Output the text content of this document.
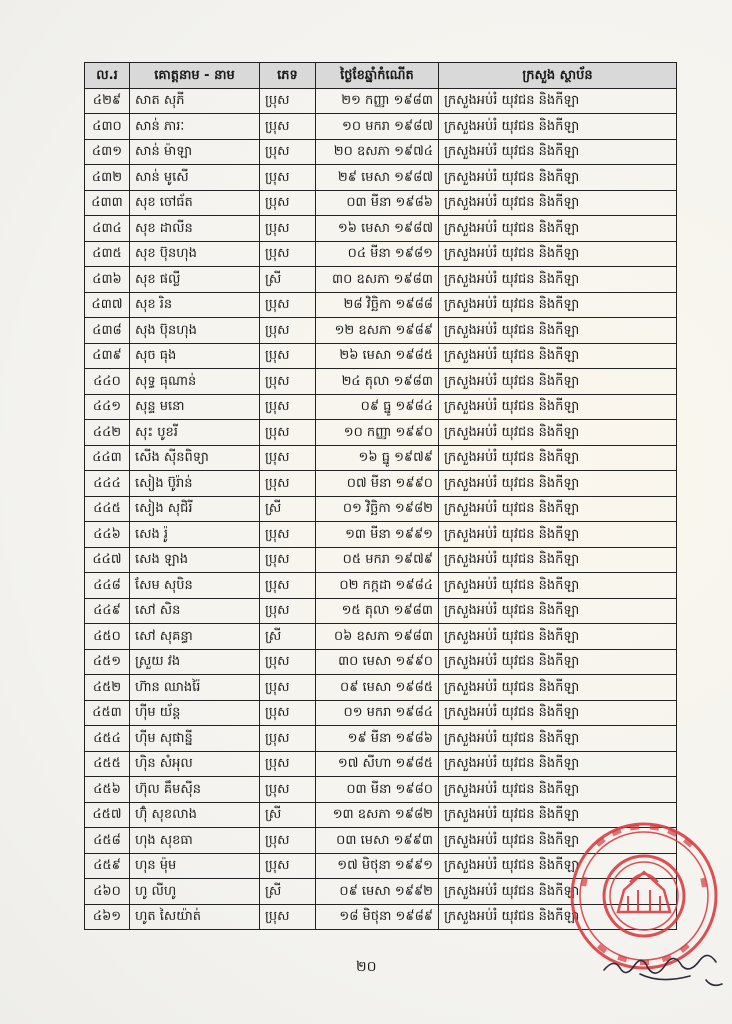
ល.រ	គោត្តនាម - នាម	ភេទ	ថ្ងៃខែឆ្នាំកំណើត	ក្រសួង ស្ថាប័ន
៤២៩	សាត សុភី	ប្រុស	២១ កញ្ញា ១៩៨៣	ក្រសួងអប់រំ យុវជន និងកីឡា
៤៣០	សាន់ ភារៈ	ប្រុស	១០ មករា ១៩៨៧	ក្រសួងអប់រំ យុវជន និងកីឡា
៤៣១	សាន់ ម៉ាឡា	ប្រុស	២០ ឧសភា ១៩៧៤	ក្រសួងអប់រំ យុវជន និងកីឡា
៤៣២	សាន់ មូសើ	ប្រុស	២៩ មេសា ១៩៨៧	ក្រសួងអប់រំ យុវជន និងកីឡា
៤៣៣	សុខ ចៅធ័ត	ប្រុស	០៣ មីនា ១៩៨៦	ក្រសួងអប់រំ យុវជន និងកីឡា
៤៣៤	សុខ ដាលីន	ប្រុស	១៦ មេសា ១៩៨៧	ក្រសួងអប់រំ យុវជន និងកីឡា
៤៣៥	សុខ ប៊ុនហុង	ប្រុស	០៤ មីនា ១៩៨១	ក្រសួងអប់រំ យុវជន និងកីឡា
៤៣៦	សុខ ផល្លី	ស្រី	៣០ ឧសភា ១៩៨៣	ក្រសួងអប់រំ យុវជន និងកីឡា
៤៣៧	សុខ រិន	ប្រុស	២៨ វិច្ឆិកា ១៩៨៨	ក្រសួងអប់រំ យុវជន និងកីឡា
៤៣៨	សុង ប៊ុនហុង	ប្រុស	១២ ឧសភា ១៩៨៩	ក្រសួងអប់រំ យុវជន និងកីឡា
៤៣៩	សុច ធុង	ប្រុស	២៦ មេសា ១៩៨៥	ក្រសួងអប់រំ យុវជន និងកីឡា
៤៤០	សុទ្ធ ធុណាន់	ប្រុស	២៤ តុលា ១៩៨៣	ក្រសួងអប់រំ យុវជន និងកីឡា
៤៤១	សុន្ទ មនោ	ប្រុស	០៩ ធ្នូ ១៩៨៤	ក្រសួងអប់រំ យុវជន និងកីឡា
៤៤២	សុះ បូខរី	ប្រុស	១០ កញ្ញា ១៩៩០	ក្រសួងអប់រំ យុវជន និងកីឡា
៤៤៣	សើង ស៊ីនពិទ្យា	ប្រុស	១៦ ធ្នូ ១៩៧៩	ក្រសួងអប់រំ យុវជន និងកីឡា
៤៤៤	សៀង ប៊ូរ៉ាន់	ប្រុស	០៧ មីនា ១៩៩០	ក្រសួងអប់រំ យុវជន និងកីឡា
៤៤៥	សៀង សុជិរី	ស្រី	០១ វិច្ឆិកា ១៩៨២	ក្រសួងអប់រំ យុវជន និងកីឡា
៤៤៦	សេង រ៉ូ	ប្រុស	១៣ មីនា ១៩៩១	ក្រសួងអប់រំ យុវជន និងកីឡា
៤៤៧	សេង ឡាង	ប្រុស	០៥ មករា ១៩៧៩	ក្រសួងអប់រំ យុវជន និងកីឡា
៤៤៨	សែម សុបិន	ប្រុស	០២ កក្កដា ១៩៨៤	ក្រសួងអប់រំ យុវជន និងកីឡា
៤៤៩	សៅ សិន	ប្រុស	១៥ តុលា ១៩៨៣	ក្រសួងអប់រំ យុវជន និងកីឡា
៤៥០	សៅ សុគន្ធា	ស្រី	០៦ ឧសភា ១៩៨៣	ក្រសួងអប់រំ យុវជន និងកីឡា
៤៥១	ស្រួយ វង	ប្រុស	៣០ មេសា ១៩៩០	ក្រសួងអប់រំ យុវជន និងកីឡា
៤៥២	ហ៊ាន ឈាងរ៉ៃ	ប្រុស	០៩ មេសា ១៩៨៥	ក្រសួងអប់រំ យុវជន និងកីឡា
៤៥៣	ហ៊ីម យ័ន្ត	ប្រុស	០១ មករា ១៩៨៤	ក្រសួងអប់រំ យុវជន និងកីឡា
៤៥៤	ហ៊ីម សុផាន្នី	ប្រុស	១៩ មីនា ១៩៨៦	ក្រសួងអប់រំ យុវជន និងកីឡា
៤៥៥	ហ៊ិន សំអុល	ប្រុស	១៧ សីហា ១៩៨៥	ក្រសួងអប់រំ យុវជន និងកីឡា
៤៥៦	ហ៊ុល គឹមស៊ីន	ប្រុស	០៣ មីនា ១៩៨០	ក្រសួងអប់រំ យុវជន និងកីឡា
៤៥៧	ហ៊ុំ សុខលាង	ស្រី	១៣ ឧសភា ១៩៨២	ក្រសួងអប់រំ យុវជន និងកីឡា
៤៥៨	ហុង សុខធា	ប្រុស	០៣ មេសា ១៩៩៣	ក្រសួងអប់រំ យុវជន និងកីឡា
៤៥៩	ហុន ម៉ុម	ប្រុស	១៧ មិថុនា ១៩៩១	ក្រសួងអប់រំ យុវជន និងកីឡា
៤៦០	ហូ លីហូ	ស្រី	០៩ មេសា ១៩៩២	ក្រសួងអប់រំ យុវជន និងកីឡា
៤៦១	ហូត សៃយ៉ាត់	ប្រុស	១៨ មិថុនា ១៩៨៩	ក្រសួងអប់រំ យុវជន និងកីឡា
២០
